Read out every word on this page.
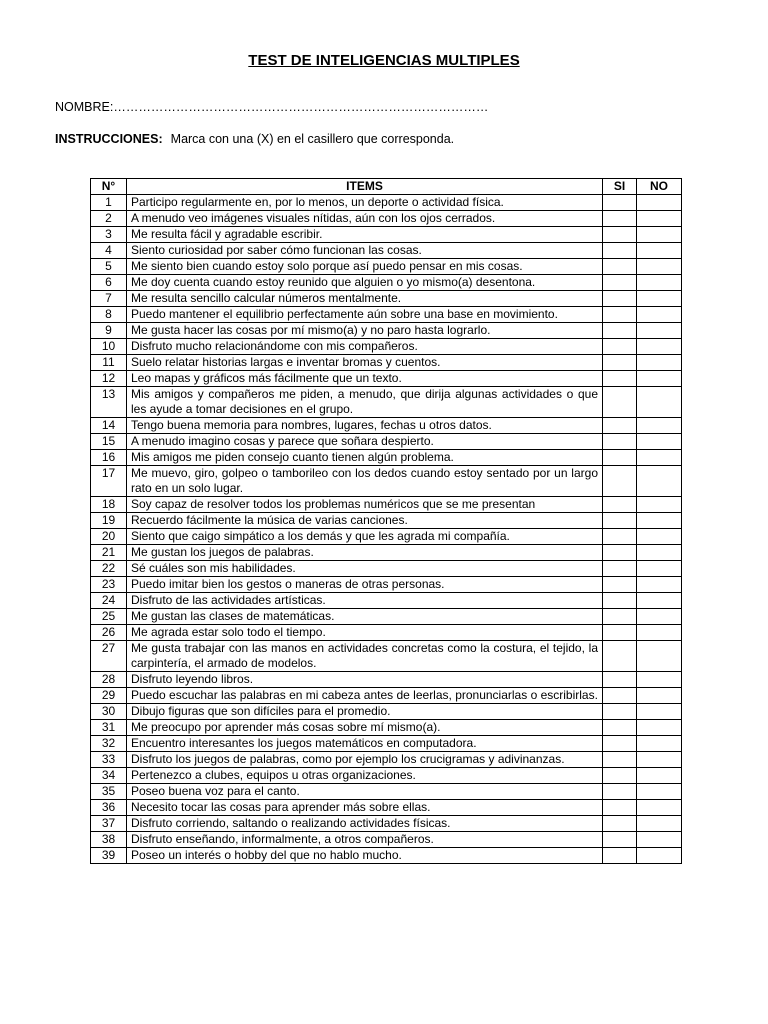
TEST DE INTELIGENCIAS MULTIPLES
NOMBRE:………………………………………………………………………………
INSTRUCCIONES: Marca con una (X) en el casillero que corresponda.
N°	ITEMS	SI	NO
1	Participo regularmente en, por lo menos, un deporte o actividad física.		
2	A menudo veo imágenes visuales nítidas, aún con los ojos cerrados.		
3	Me resulta fácil y agradable escribir.		
4	Siento curiosidad por saber cómo funcionan las cosas.		
5	Me siento bien cuando estoy solo porque así puedo pensar en mis cosas.		
6	Me doy cuenta cuando estoy reunido que alguien o yo mismo(a) desentona.		
7	Me resulta sencillo calcular números mentalmente.		
8	Puedo mantener el equilibrio perfectamente aún sobre una base en movimiento.		
9	Me gusta hacer las cosas por mí mismo(a) y no paro hasta lograrlo.		
10	Disfruto mucho relacionándome con mis compañeros.		
11	Suelo relatar historias largas e inventar bromas y cuentos.		
12	Leo mapas y gráficos más fácilmente que un texto.		
13	Mis amigos y compañeros me piden, a menudo, que dirija algunas actividades o que les ayude a tomar decisiones en el grupo.		
14	Tengo buena memoria para nombres, lugares, fechas u otros datos.		
15	A menudo imagino cosas y parece que soñara despierto.		
16	Mis amigos me piden consejo cuanto tienen algún problema.		
17	Me muevo, giro, golpeo o tamborileo con los dedos cuando estoy sentado por un largo rato en un solo lugar.		
18	Soy capaz de resolver todos los problemas numéricos que se me presentan		
19	Recuerdo fácilmente la música de varias canciones.		
20	Siento que caigo simpático a los demás y que les agrada mi compañía.		
21	Me gustan los juegos de palabras.		
22	Sé cuáles son mis habilidades.		
23	Puedo imitar bien los gestos o maneras de otras personas.		
24	Disfruto de las actividades artísticas.		
25	Me gustan las clases de matemáticas.		
26	Me agrada estar solo todo el tiempo.		
27	Me gusta trabajar con las manos en actividades concretas como la costura, el tejido, la carpintería, el armado de modelos.		
28	Disfruto leyendo libros.		
29	Puedo escuchar las palabras en mi cabeza antes de leerlas, pronunciarlas o escribirlas.		
30	Dibujo figuras que son difíciles para el promedio.		
31	Me preocupo por aprender más cosas sobre mí mismo(a).		
32	Encuentro interesantes los juegos matemáticos en computadora.		
33	Disfruto los juegos de palabras, como por ejemplo los crucigramas y adivinanzas.		
34	Pertenezco a clubes, equipos u otras organizaciones.		
35	Poseo buena voz para el canto.		
36	Necesito tocar las cosas para aprender más sobre ellas.		
37	Disfruto corriendo, saltando o realizando actividades físicas.		
38	Disfruto enseñando, informalmente, a otros compañeros.		
39	Poseo un interés o hobby del que no hablo mucho.		
